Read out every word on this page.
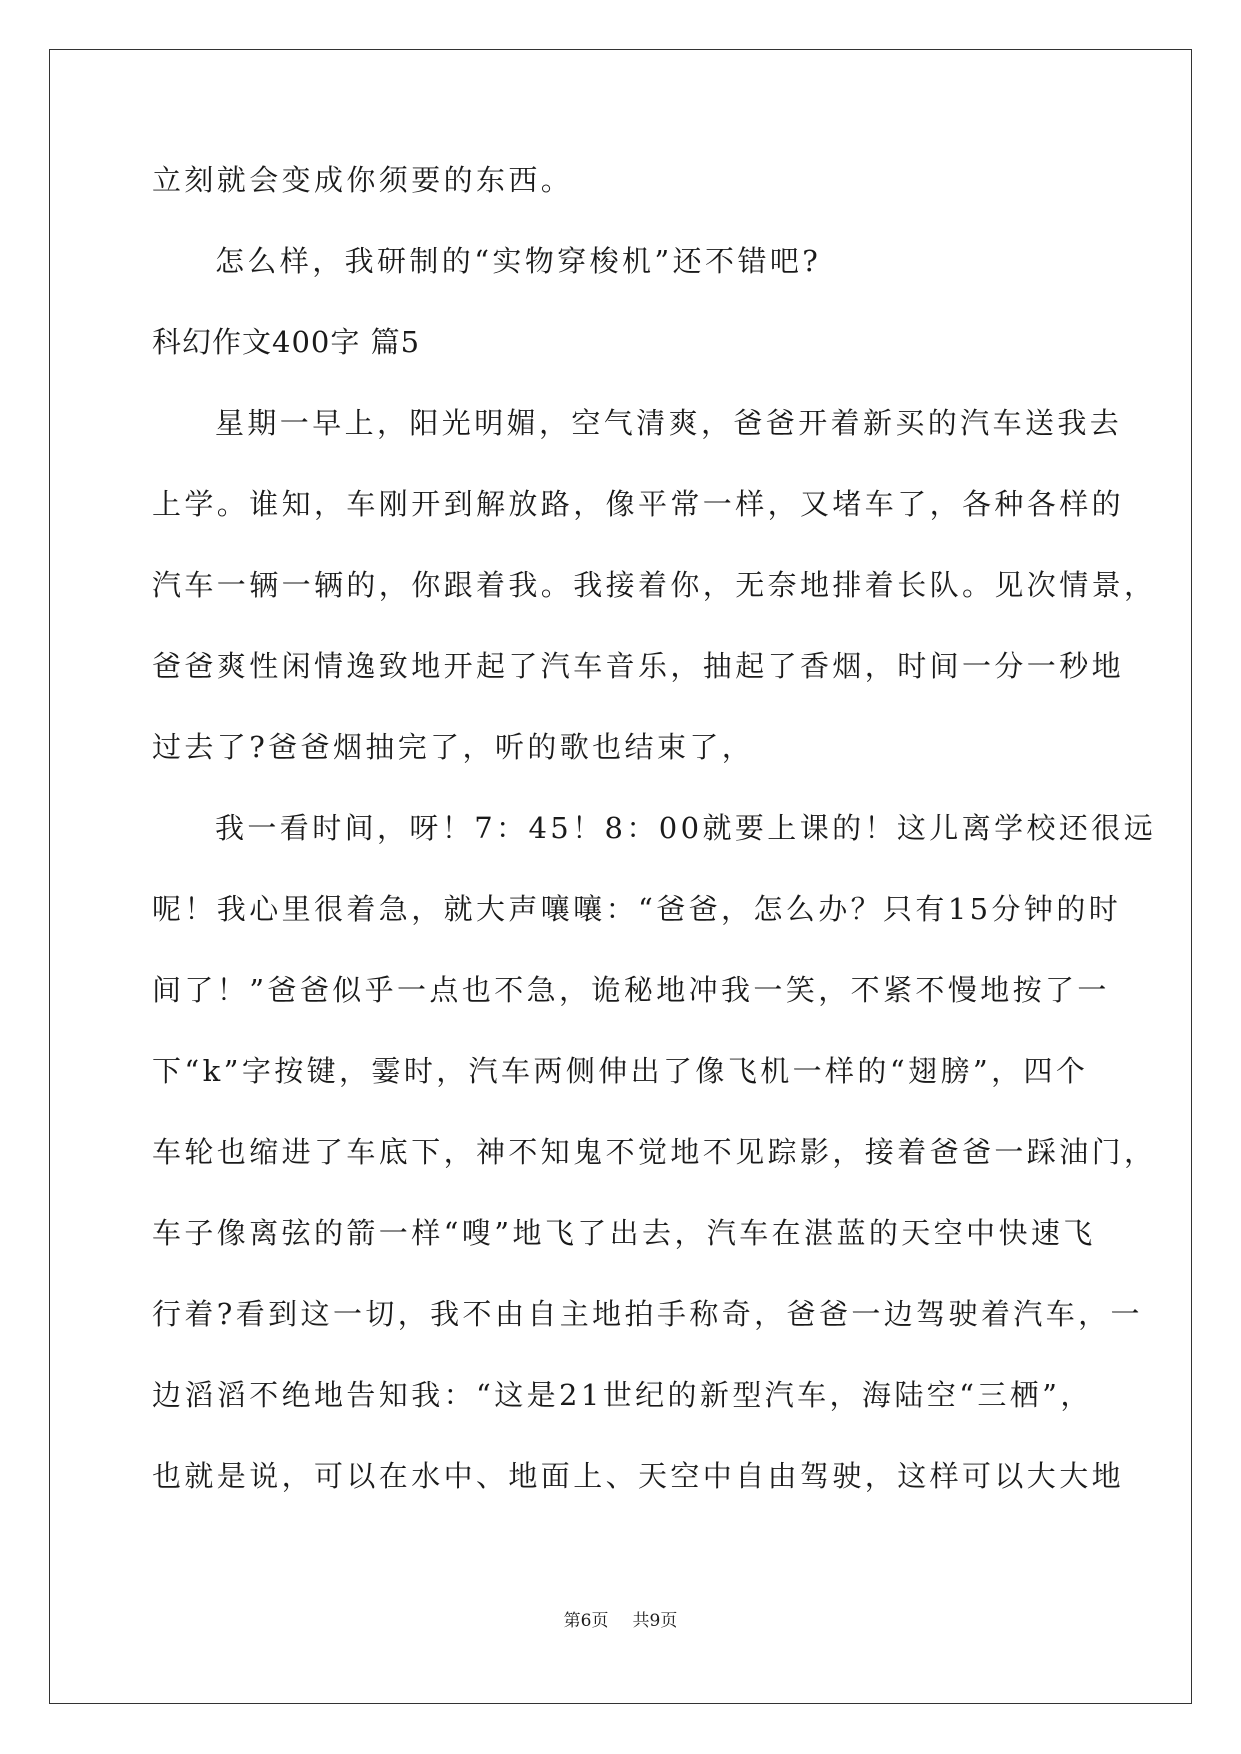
立刻就会变成你须要的东西。
怎么样，我研制的“实物穿梭机”还不错吧?
科幻作文400字 篇5
星期一早上，阳光明媚，空气清爽，爸爸开着新买的汽车送我去
上学。谁知，车刚开到解放路，像平常一样，又堵车了，各种各样的
汽车一辆一辆的，你跟着我。我接着你，无奈地排着长队。见次情景，
爸爸爽性闲情逸致地开起了汽车音乐，抽起了香烟，时间一分一秒地
过去了?爸爸烟抽完了，听的歌也结束了，
我一看时间，呀！7：45！8：00就要上课的！这儿离学校还很远
呢！我心里很着急，就大声嚷嚷：“爸爸，怎么办？只有15分钟的时
间了！”爸爸似乎一点也不急，诡秘地冲我一笑，不紧不慢地按了一
下“k”字按键，霎时，汽车两侧伸出了像飞机一样的“翅膀”，四个
车轮也缩进了车底下，神不知鬼不觉地不见踪影，接着爸爸一踩油门，
车子像离弦的箭一样“嗖”地飞了出去，汽车在湛蓝的天空中快速飞
行着?看到这一切，我不由自主地拍手称奇，爸爸一边驾驶着汽车，一
边滔滔不绝地告知我：“这是21世纪的新型汽车，海陆空“三栖”，
也就是说，可以在水中、地面上、天空中自由驾驶，这样可以大大地
第6页 共9页
